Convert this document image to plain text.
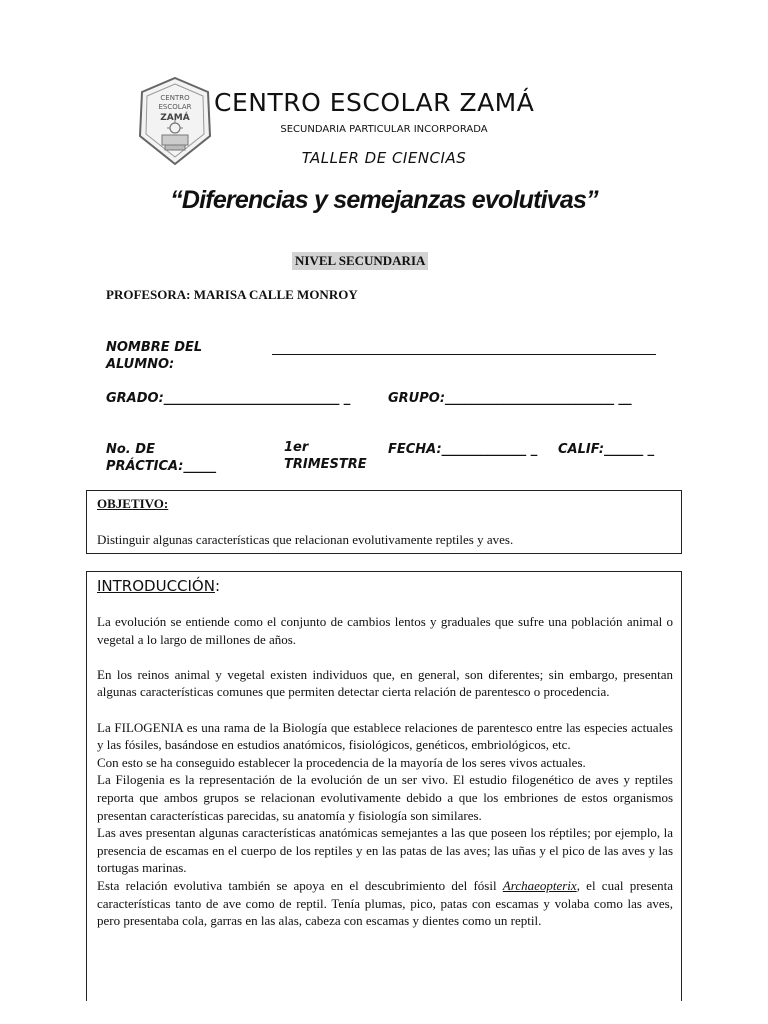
CENTRO
ESCOLAR
ZAMÁ
CENTRO ESCOLAR ZAMÁ
SECUNDARIA PARTICULAR INCORPORADA
TALLER DE CIENCIAS
“Diferencias y semejanzas evolutivas”
NIVEL SECUNDARIA
PROFESORA: MARISA CALLE MONROY
NOMBRE DEL ALUMNO:
GRADO:___________________________ _	GRUPO:__________________________ __
No. DE PRÁCTICA:_____
1er TRIMESTRE
FECHA:_____________ _	CALIF:______ _
OBJETIVO:
Distinguir algunas características que relacionan evolutivamente reptiles y aves.
INTRODUCCIÓN:

La evolución se entiende como el conjunto de cambios lentos y graduales que sufre una población animal o vegetal a lo largo de millones de años.

En los reinos animal y vegetal existen individuos que, en general, son diferentes; sin embargo, presentan algunas características comunes que permiten detectar cierta relación de parentesco o procedencia.

La FILOGENIA es una rama de la Biología que establece relaciones de parentesco entre las especies actuales y las fósiles, basándose en estudios anatómicos, fisiológicos, genéticos, embriológicos, etc.

Con esto se ha conseguido establecer la procedencia de la mayoría de los seres vivos actuales.

La Filogenia es la representación de la evolución de un ser vivo. El estudio filogenético de aves y reptiles reporta que ambos grupos se relacionan evolutivamente debido a que los embriones de estos organismos presentan características parecidas, su anatomía y fisiología son similares.

Las aves presentan algunas características anatómicas semejantes a las que poseen los réptiles; por ejemplo, la presencia de escamas en el cuerpo de los reptiles y en las patas de las aves; las uñas y el pico de las aves y las tortugas marinas.

Esta relación evolutiva también se apoya en el descubrimiento del fósil Archaeopterix, el cual presenta características tanto de ave como de reptil. Tenía plumas, pico, patas con escamas y volaba como las aves, pero presentaba cola, garras en las alas, cabeza con escamas y dientes como un reptil.
